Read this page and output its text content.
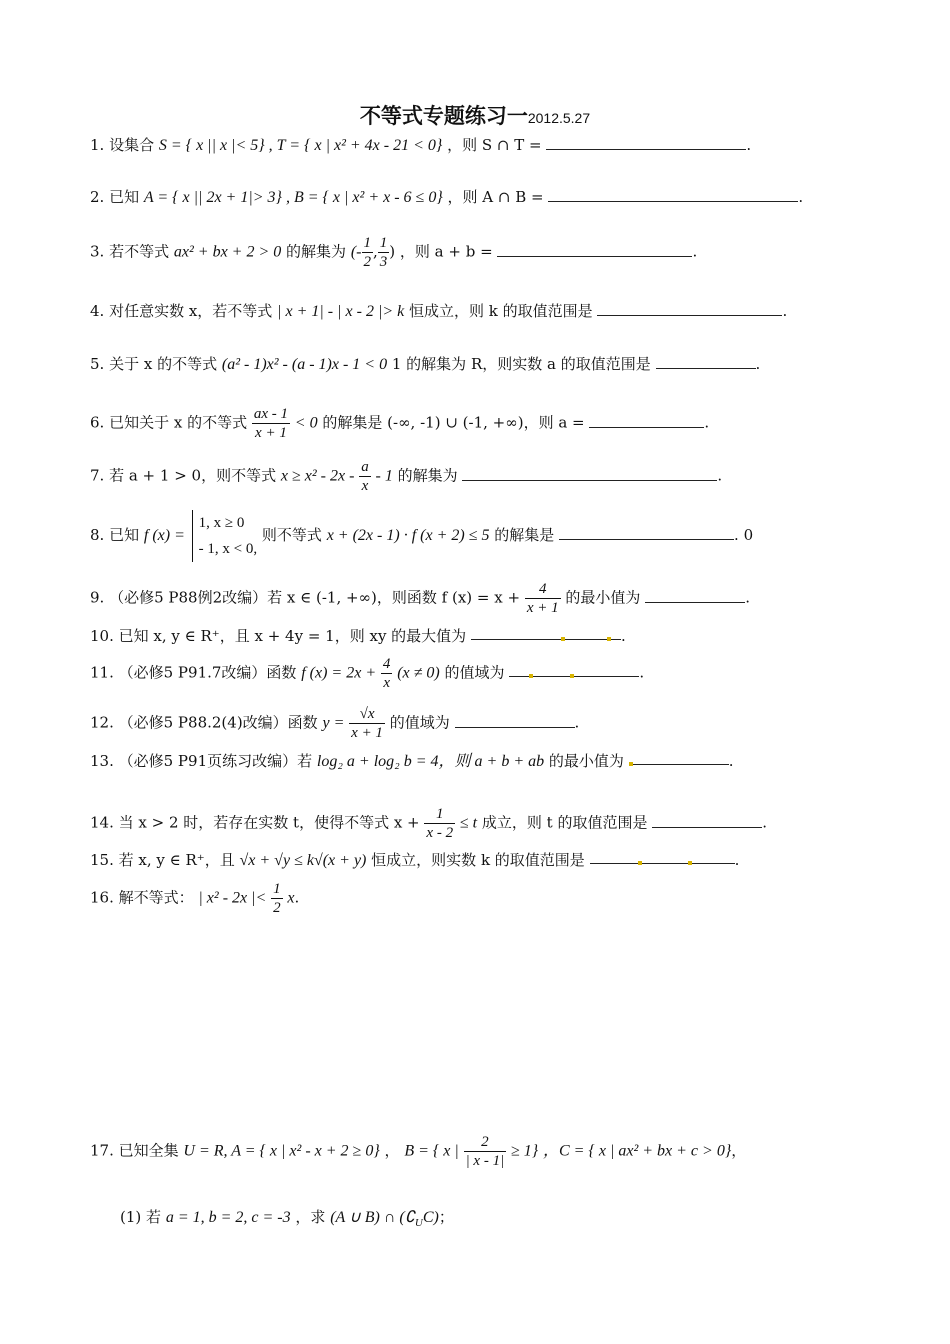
不等式专题练习一2012.5.27
1. 设集合 S = { x || x |< 5} , T = { x | x² + 4x - 21 < 0} ，则 S ∩ T =	.
2. 已知 A = { x || 2x + 1|> 3} , B = { x | x² + x - 6 ≤ 0} ，则 A ∩ B =	.
3. 若不等式 ax² + bx + 2 > 0 的解集为 (- $\frac{1}{2}$ , $\frac{1}{3}$ ) ，则 a + b =	.
4. 对任意实数 x，若不等式 | x + 1| - | x - 2 |> k 恒成立，则 k 的取值范围是	.
5. 关于 x 的不等式 (a² - 1)x² - (a - 1)x - 1 < 0 1 的解集为 R，则实数 a 的取值范围是	.
6. 已知关于 x 的不等式 $\frac{ax - 1}{x + 1} < 0$ 的解集是 (-∞, -1) ∪ (-1, +∞)，则 a =	.
7. 若 a + 1 > 0，则不等式 $x \ge x^2 - 2x - \frac{a}{x} - 1$ 的解集为	.
8. 已知 f (x) =
1, x ≥ 0
- 1, x < 0,
则不等式 x + (2x - 1) · f (x + 2) ≤ 5 的解集是	. 0
9. （必修5 P88例2改编）若 x ∈ (-1, +∞)，则函数 f $(x) = x + \frac{4}{x + 1}$ 的最小值为	.
10. 已知 x, y ∈ R⁺，且 x + 4y = 1，则 xy 的最大值为	.
11. （必修5 P91.7改编）函数 f $(x) = 2x + \frac{4}{x} (x \ne 0)$ 的值域为	.
12. （必修5 P88.2(4)改编）函数 $y = \frac{√x}{x + 1}$ 的值域为	.
13. （必修5 P91页练习改编）若 log₂ a + log₂ b = 4，则 a + b + ab 的最小值为	.
14. 当 x > 2 时，若存在实数 t，使得不等式 $x + \frac{1}{x - 2} \le t$ 成立，则 t 的取值范围是	.
15. 若 x, y ∈ R⁺，且 √x + √y ≤ k√(x + y) 恒成立，则实数 k 的取值范围是	.
16. 解不等式： | x² - 2x |< $\frac{1}{2} x$.
17. 已知全集 U = R, A = { x | x² - x + 2 ≥ 0} ， B = { x | $\frac{2}{| x - 1|} \ge 1$} ，C = { x | ax² + bx + c > 0}，
(1) 若 a = 1, b = 2, c = -3 ，求 (A ∪ B) ∩ $(∁_UC)$；
